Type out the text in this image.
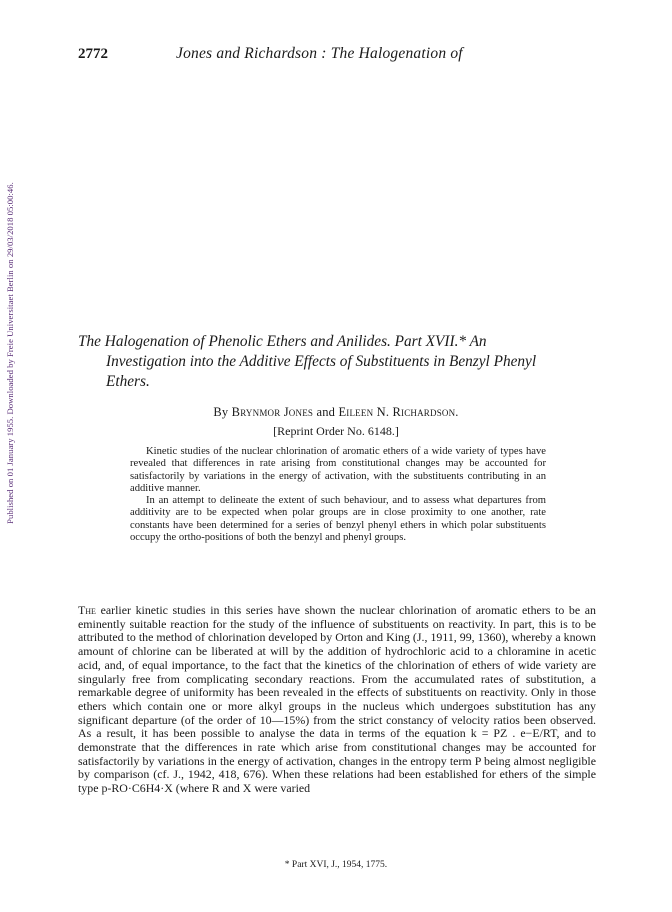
Published on 01 January 1955. Downloaded by Freie Universitaet Berlin on 29/03/2018 05:00:46.
2772	Jones and Richardson : The Halogenation of
The Halogenation of Phenolic Ethers and Anilides. Part XVII.* An
Investigation into the Additive Effects of Substituents in Benzyl Phenyl
Ethers.
By Brynmor Jones and Eileen N. Richardson.
[Reprint Order No. 6148.]

Kinetic studies of the nuclear chlorination of aromatic ethers of a wide variety of types have revealed that differences in rate arising from constitutional changes may be accounted for satisfactorily by variations in the energy of activation, with the substituents contributing in an additive manner.

In an attempt to delineate the extent of such behaviour, and to assess what departures from additivity are to be expected when polar groups are in close proximity to one another, rate constants have been determined for a series of benzyl phenyl ethers in which polar substituents occupy the ortho-positions of both the benzyl and phenyl groups.

The earlier kinetic studies in this series have shown the nuclear chlorination of aromatic ethers to be an eminently suitable reaction for the study of the influence of substituents on reactivity. In part, this is to be attributed to the method of chlorination developed by Orton and King (J., 1911, 99, 1360), whereby a known amount of chlorine can be liberated at will by the addition of hydrochloric acid to a chloramine in acetic acid, and, of equal importance, to the fact that the kinetics of the chlorination of ethers of wide variety are singularly free from complicating secondary reactions. From the accumulated rates of substitution, a remarkable degree of uniformity has been revealed in the effects of substituents on reactivity. Only in those ethers which contain one or more alkyl groups in the nucleus which undergoes substitution has any significant departure (of the order of 10—15%) from the strict constancy of velocity ratios been observed. As a result, it has been possible to analyse the data in terms of the equation k = PZ . e−E/RT, and to demonstrate that the differences in rate which arise from constitutional changes may be accounted for satisfactorily by variations in the energy of activation, changes in the entropy term P being almost negligible by comparison (cf. J., 1942, 418, 676). When these relations had been established for ethers of the simple type p-RO·C6H4·X (where R and X were varied

* Part XVI, J., 1954, 1775.
